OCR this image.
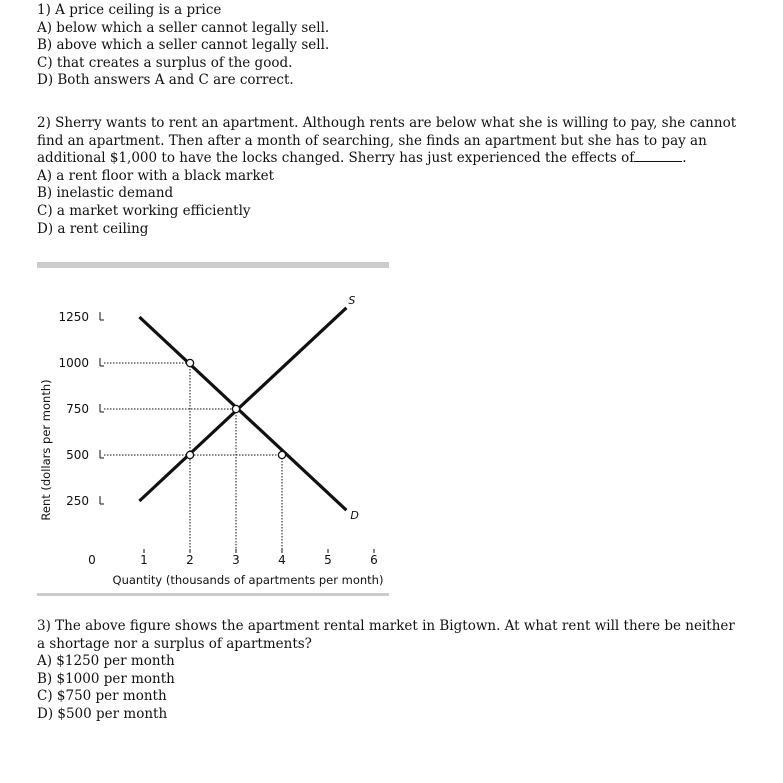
1) A price ceiling is a price

A) below which a seller cannot legally sell.

B) above which a seller cannot legally sell.

C) that creates a surplus of the good.

D) Both answers A and C are correct.

2) Sherry wants to rent an apartment. Although rents are below what she is willing to pay, she cannot find an apartment. Then after a month of searching, she finds an apartment but she has to pay an additional $1,000 to have the locks changed. Sherry has just experienced the effects of	.

A) a rent floor with a black market

B) inelastic demand

C) a market working efficiently

D) a rent ceiling

250
500
750
1000
1250
0	1	2	3	4	5	6
S
D
Rent (dollars per month)
Quantity (thousands of apartments per month)

3) The above figure shows the apartment rental market in Bigtown. At what rent will there be neither a shortage nor a surplus of apartments?

A) $1250 per month

B) $1000 per month

C) $750 per month

D) $500 per month
